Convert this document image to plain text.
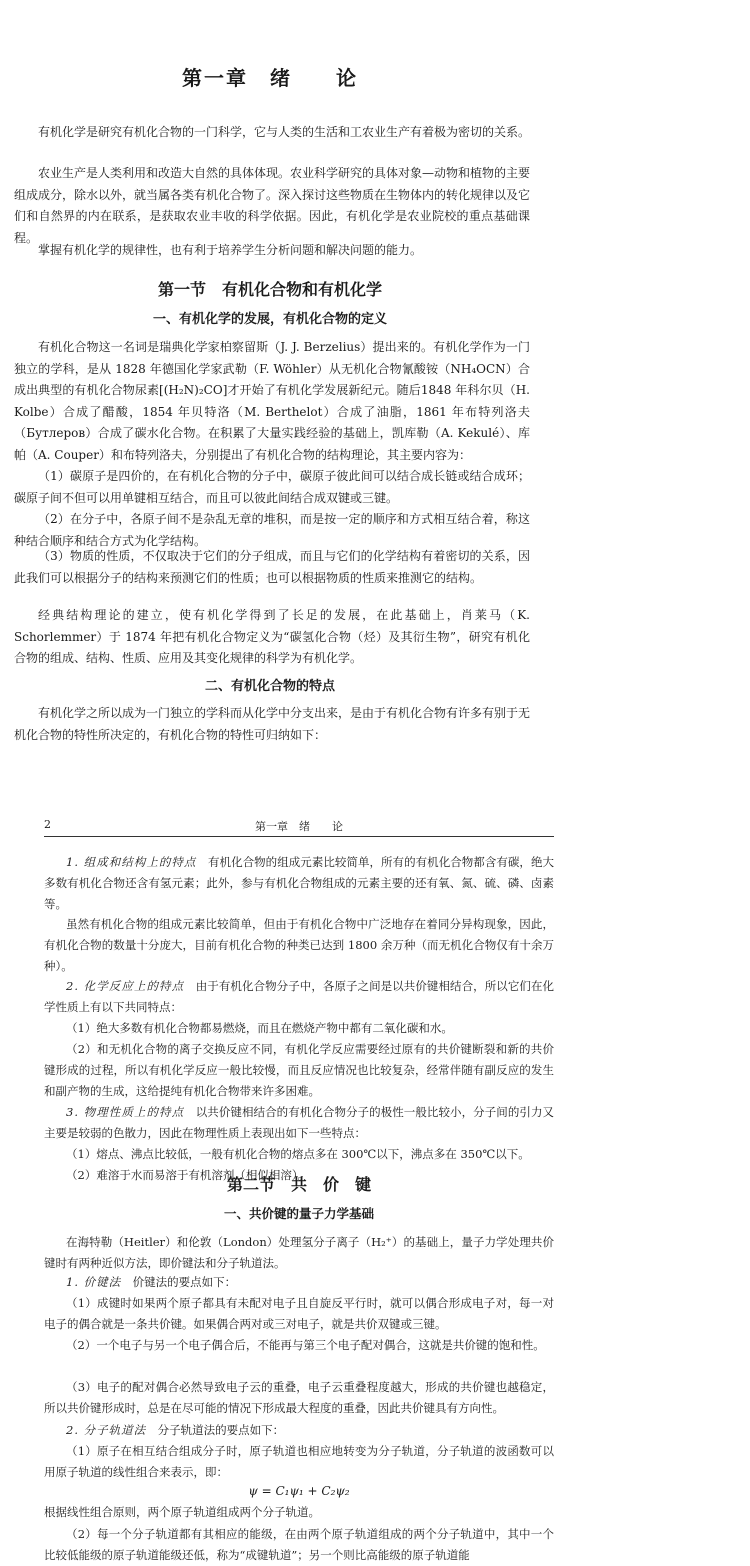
第一章　绪　　论

有机化学是研究有机化合物的一门科学，它与人类的生活和工农业生产有着极为密切的关系。

农业生产是人类利用和改造大自然的具体体现。农业科学研究的具体对象—动物和植物的主要组成成分，除水以外，就当属各类有机化合物了。深入探讨这些物质在生物体内的转化规律以及它们和自然界的内在联系，是获取农业丰收的科学依据。因此，有机化学是农业院校的重点基础课程。

掌握有机化学的规律性，也有利于培养学生分析问题和解决问题的能力。

第一节　有机化合物和有机化学
一、有机化学的发展，有机化合物的定义

有机化合物这一名词是瑞典化学家柏察留斯（J. J. Berzelius）提出来的。有机化学作为一门独立的学科，是从 1828 年德国化学家武勒（F. Wöhler）从无机化合物氰酸铵（NH₄OCN）合成出典型的有机化合物尿素[(H₂N)₂CO]才开始了有机化学发展新纪元。随后1848 年科尔贝（H. Kolbe）合成了醋酸，1854 年贝特洛（M. Berthelot）合成了油脂，1861 年布特列洛夫（Бутлеров）合成了碳水化合物。在积累了大量实践经验的基础上，凯库勒（A. Kekulé）、库帕（A. Couper）和布特列洛夫，分别提出了有机化合物的结构理论，其主要内容为：

（1）碳原子是四价的，在有机化合物的分子中，碳原子彼此间可以结合成长链或结合成环；碳原子间不但可以用单键相互结合，而且可以彼此间结合成双键或三键。

（2）在分子中，各原子间不是杂乱无章的堆积，而是按一定的顺序和方式相互结合着，称这种结合顺序和结合方式为化学结构。

（3）物质的性质，不仅取决于它们的分子组成，而且与它们的化学结构有着密切的关系，因此我们可以根据分子的结构来预测它们的性质；也可以根据物质的性质来推测它的结构。

经典结构理论的建立，使有机化学得到了长足的发展，在此基础上，肖莱马（K. Schorlemmer）于 1874 年把有机化合物定义为“碳氢化合物（烃）及其衍生物”，研究有机化合物的组成、结构、性质、应用及其变化规律的科学为有机化学。

二、有机化合物的特点

有机化学之所以成为一门独立的学科而从化学中分支出来，是由于有机化合物有许多有别于无机化合物的特性所决定的，有机化合物的特性可归纳如下：

2	第一章　绪　　论

1. 组成和结构上的特点　 有机化合物的组成元素比较简单，所有的有机化合物都含有碳，绝大多数有机化合物还含有氢元素；此外，参与有机化合物组成的元素主要的还有氧、氮、硫、磷、卤素等。

虽然有机化合物的组成元素比较简单，但由于有机化合物中广泛地存在着同分异构现象，因此，有机化合物的数量十分庞大，目前有机化合物的种类已达到 1800 余万种（而无机化合物仅有十余万种）。

2. 化学反应上的特点　 由于有机化合物分子中，各原子之间是以共价键相结合，所以它们在化学性质上有以下共同特点：

（1）绝大多数有机化合物都易燃烧，而且在燃烧产物中都有二氧化碳和水。

（2）和无机化合物的离子交换反应不同，有机化学反应需要经过原有的共价键断裂和新的共价键形成的过程，所以有机化学反应一般比较慢，而且反应情况也比较复杂，经常伴随有副反应的发生和副产物的生成，这给提纯有机化合物带来许多困难。

3. 物理性质上的特点　 以共价键相结合的有机化合物分子的极性一般比较小，分子间的引力又主要是较弱的色散力，因此在物理性质上表现出如下一些特点：

（1）熔点、沸点比较低，一般有机化合物的熔点多在 300℃以下，沸点多在 350℃以下。

（2）难溶于水而易溶于有机溶剂（相似相溶）。

第二节　共　价　键
一、共价键的量子力学基础

在海特勒（Heitler）和伦敦（London）处理氢分子离子（H₂⁺）的基础上，量子力学处理共价键时有两种近似方法，即价键法和分子轨道法。

1. 价键法　 价键法的要点如下：

（1）成键时如果两个原子都具有未配对电子且自旋反平行时，就可以偶合形成电子对，每一对电子的偶合就是一条共价键。如果偶合两对或三对电子，就是共价双键或三键。

（2）一个电子与另一个电子偶合后，不能再与第三个电子配对偶合，这就是共价键的饱和性。

（3）电子的配对偶合必然导致电子云的重叠，电子云重叠程度越大，形成的共价键也越稳定，所以共价键形成时，总是在尽可能的情况下形成最大程度的重叠，因此共价键具有方向性。

2. 分子轨道法　 分子轨道法的要点如下：

（1）原子在相互结合组成分子时，原子轨道也相应地转变为分子轨道，分子轨道的波函数可以用原子轨道的线性组合来表示，即：

ψ = C₁ψ₁ + C₂ψ₂

根据线性组合原则，两个原子轨道组成两个分子轨道。

（2）每一个分子轨道都有其相应的能级，在由两个原子轨道组成的两个分子轨道中，其中一个比较低能级的原子轨道能级还低，称为“成键轨道”；另一个则比高能级的原子轨道能
